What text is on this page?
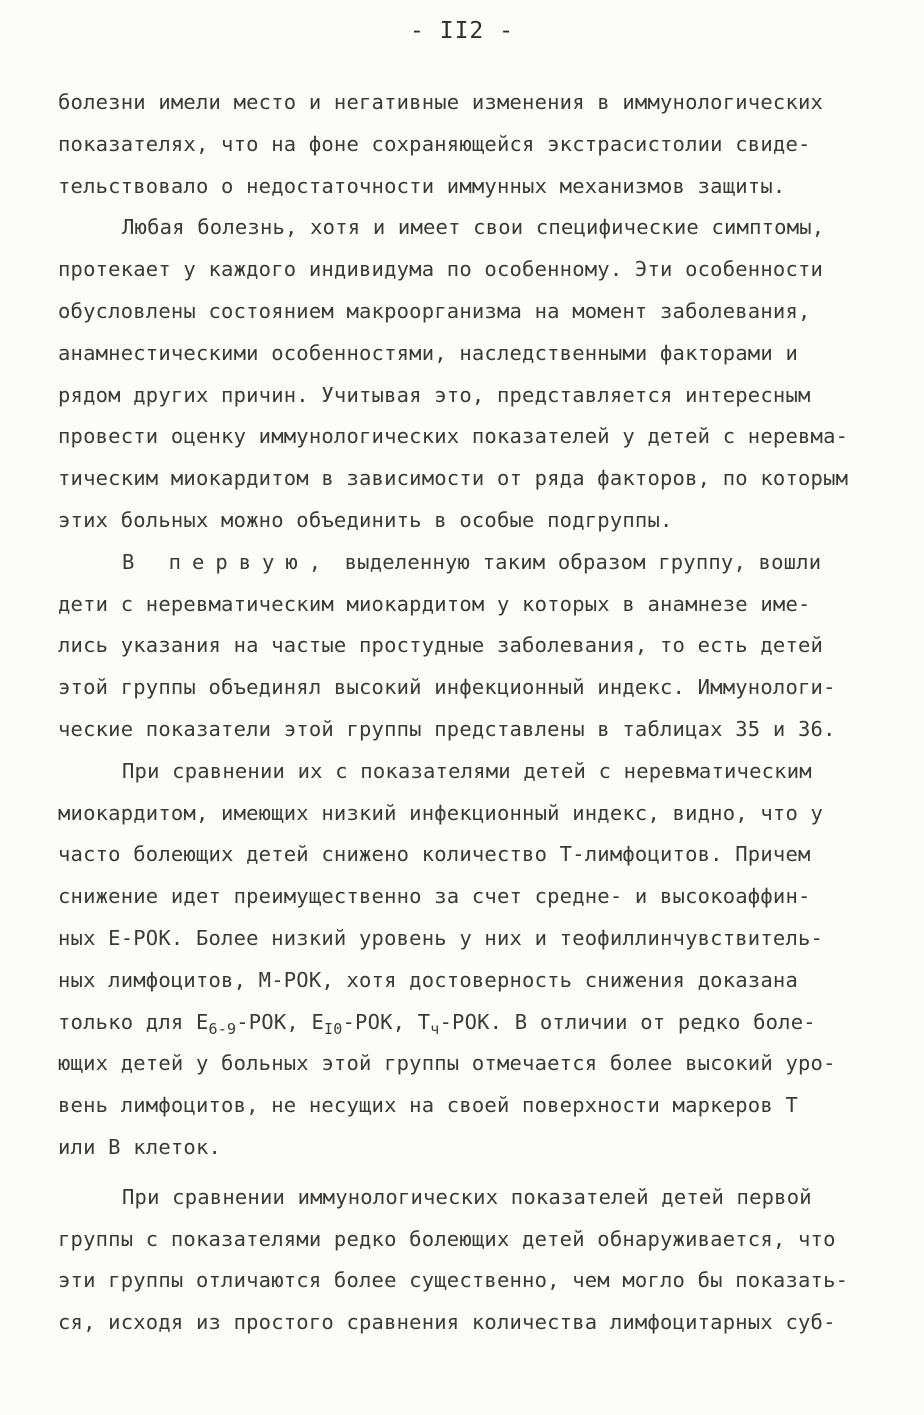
- II2 -
болезни имели место и негативные изменения в иммунологических
показателях, что на фоне сохраняющейся экстрасистолии свиде-
тельствовало о недостаточности иммунных механизмов защиты.
Любая болезнь, хотя и имеет свои специфические симптомы,
протекает у каждого индивидума по особенному. Эти особенности
обусловлены состоянием макроорганизма на момент заболевания,
анамнестическими особенностями, наследственными факторами и
рядом других причин. Учитывая это, представляется интересным
провести оценку иммунологических показателей у детей с неревма-
тическим миокардитом в зависимости от ряда факторов, по которым
этих больных можно объединить в особые подгруппы.
В первую, выделенную таким образом группу, вошли
дети с неревматическим миокардитом у которых в анамнезе име-
лись указания на частые простудные заболевания, то есть детей
этой группы объединял высокий инфекционный индекс. Иммунологи-
ческие показатели этой группы представлены в таблицах 35 и 36.
При сравнении их с показателями детей с неревматическим
миокардитом, имеющих низкий инфекционный индекс, видно, что у
часто болеющих детей снижено количество Т-лимфоцитов. Причем
снижение идет преимущественно за счет средне- и высокоаффин-
ных Е-РОК. Более низкий уровень у них и теофиллинчувствитель-
ных лимфоцитов, М-РОК, хотя достоверность снижения доказана
только для $Е_{6-9}$-РОК, $Е_{I0}$-РОК, $Т_ч$-РОК. В отличии от редко боле-
ющих детей у больных этой группы отмечается более высокий уро-
вень лимфоцитов, не несущих на своей поверхности маркеров Т
или В клеток.
При сравнении иммунологических показателей детей первой
группы с показателями редко болеющих детей обнаруживается, что
эти группы отличаются более существенно, чем могло бы показать-
ся, исходя из простого сравнения количества лимфоцитарных суб-
